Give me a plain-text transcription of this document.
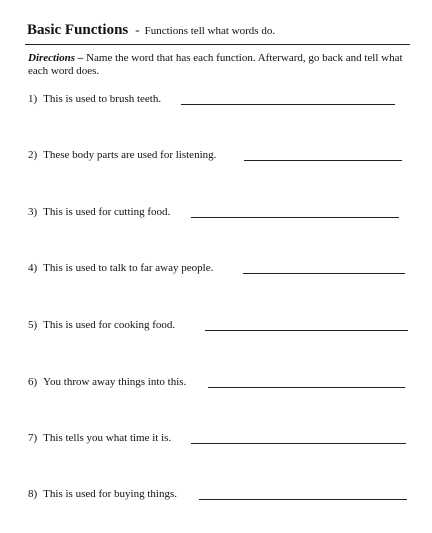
Basic Functions - Functions tell what words do.
Directions – Name the word that has each function. Afterward, go back and tell what each word does.
1) This is used to brush teeth.
2) These body parts are used for listening.
3) This is used for cutting food.
4) This is used to talk to far away people.
5) This is used for cooking food.
6) You throw away things into this.
7) This tells you what time it is.
8) This is used for buying things.
